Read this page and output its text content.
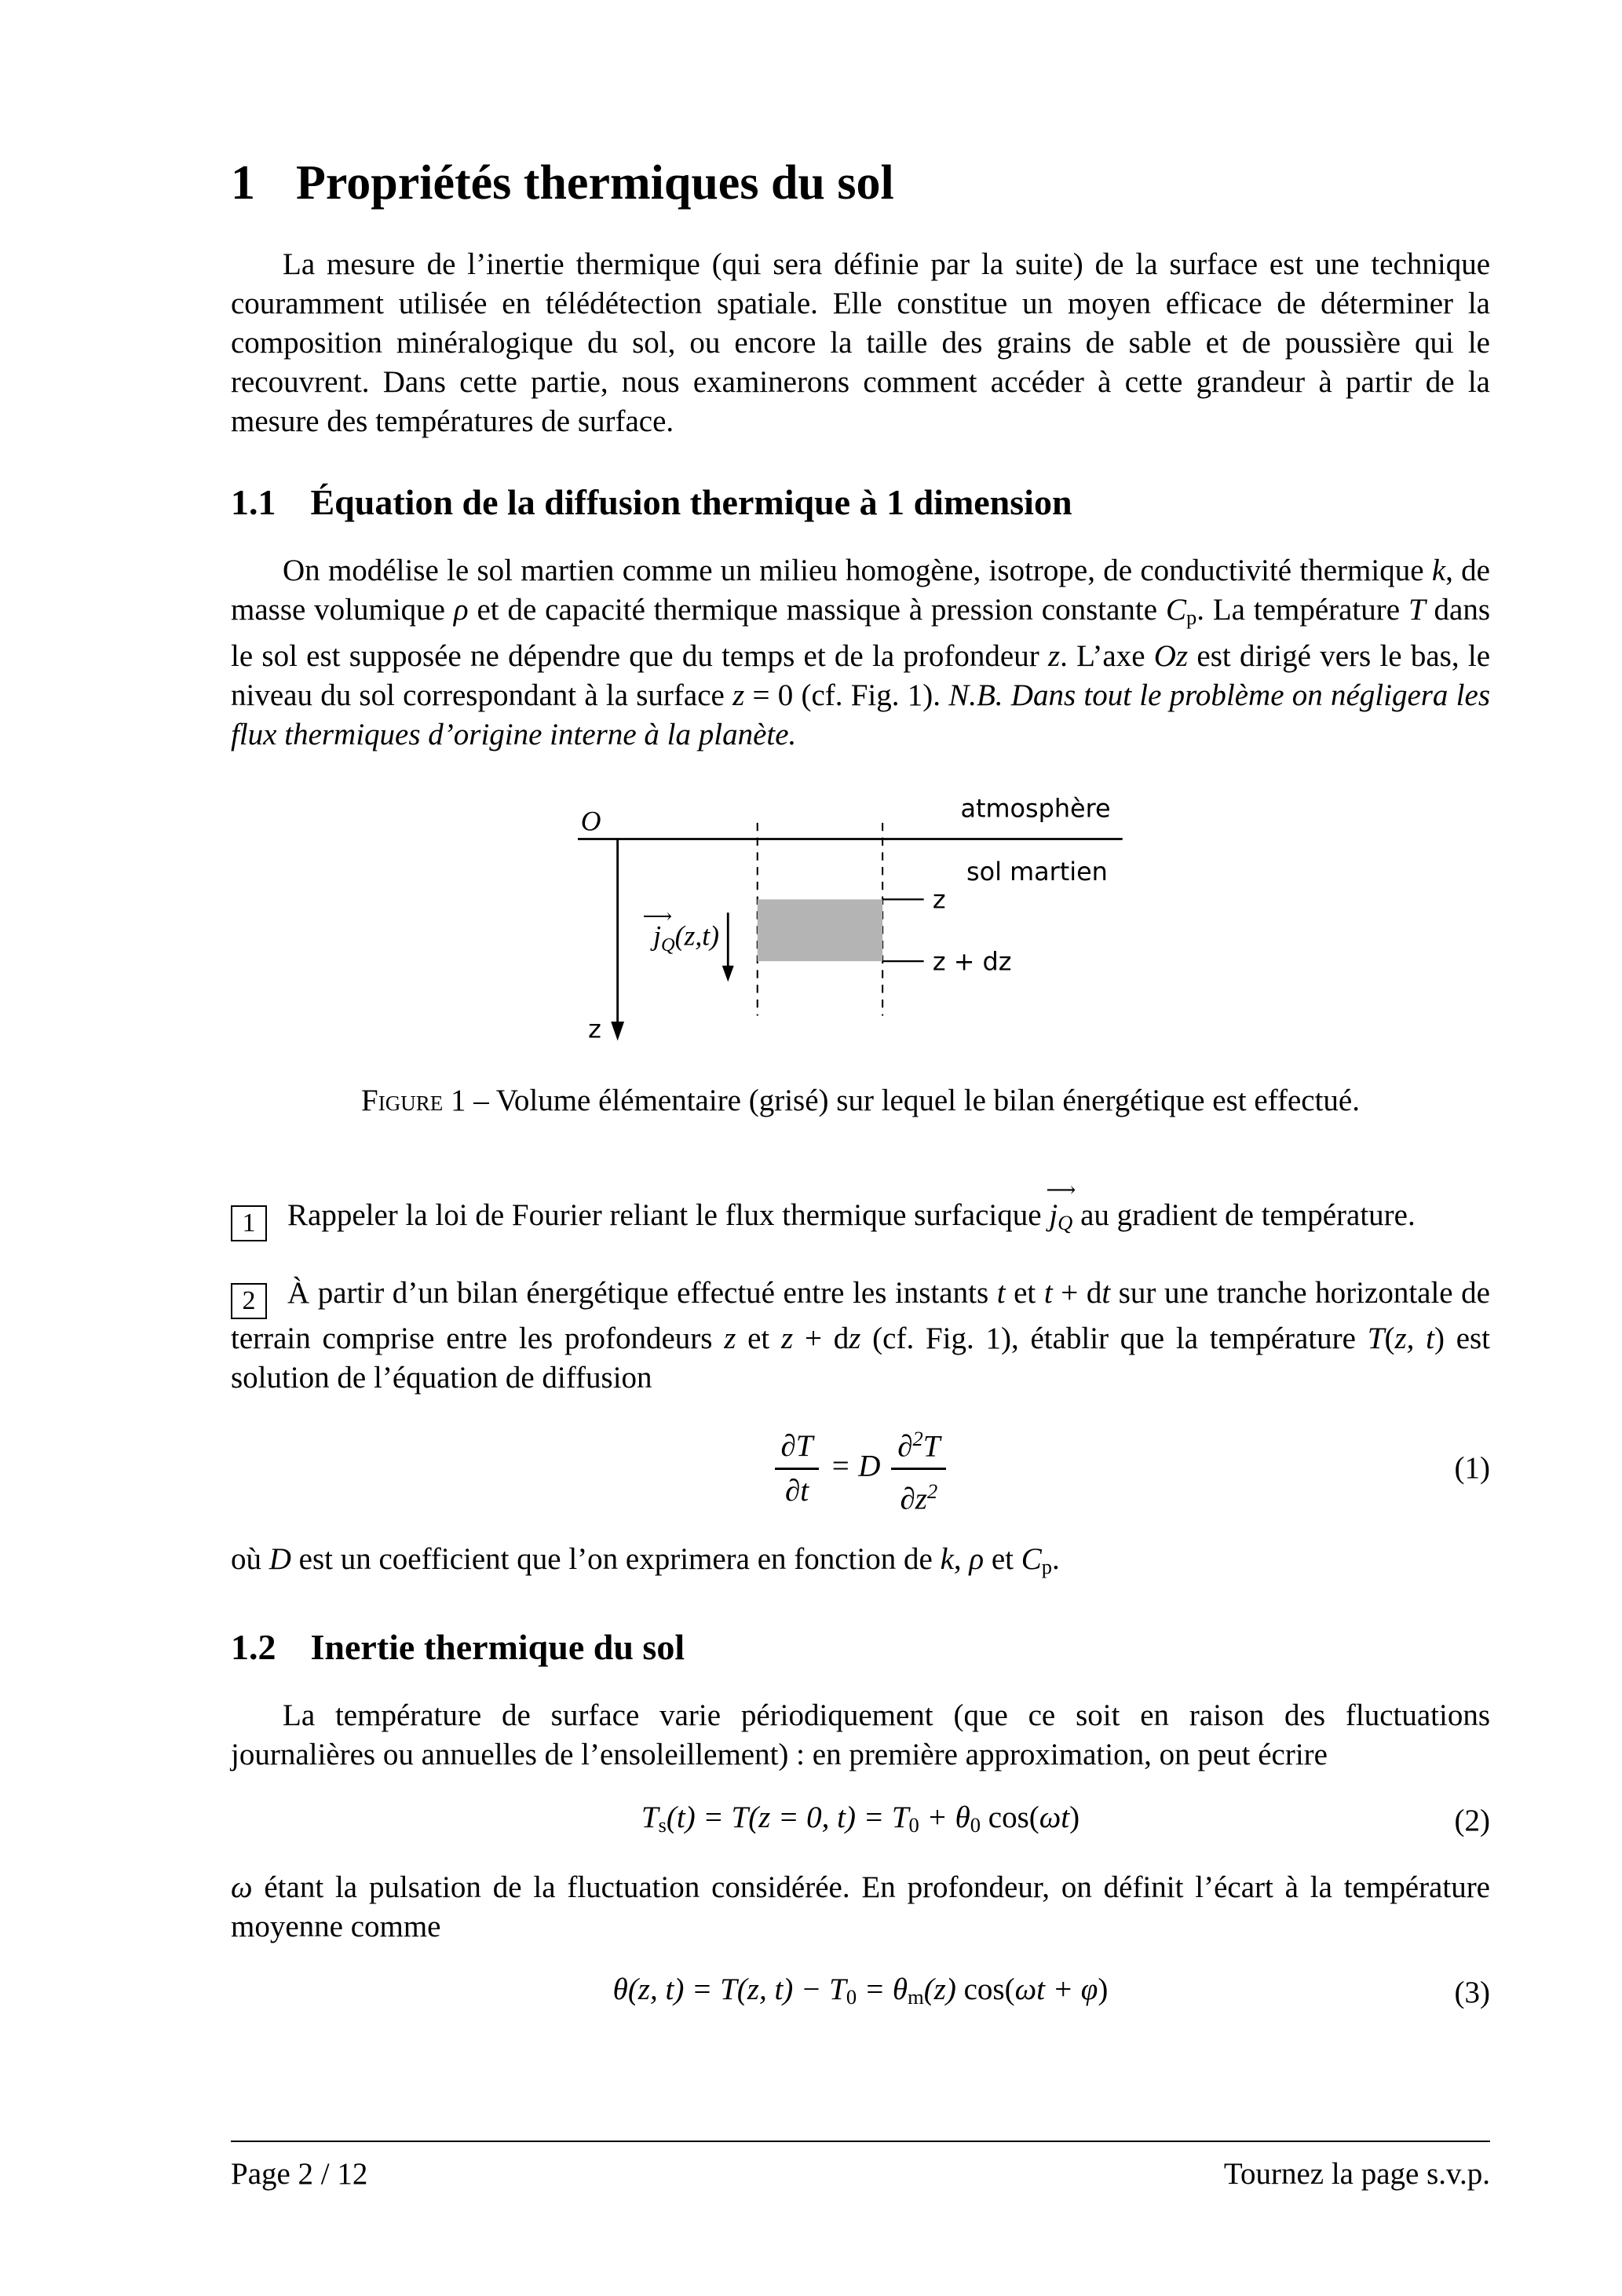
1 Propriétés thermiques du sol

La mesure de l’inertie thermique (qui sera définie par la suite) de la surface est une technique couramment utilisée en télédétection spatiale. Elle constitue un moyen efficace de déterminer la composition minéralogique du sol, ou encore la taille des grains de sable et de poussière qui le recouvrent. Dans cette partie, nous examinerons comment accéder à cette grandeur à partir de la mesure des températures de surface.

1.1 Équation de la diffusion thermique à 1 dimension

On modélise le sol martien comme un milieu homogène, isotrope, de conductivité thermique k, de masse volumique ρ et de capacité thermique massique à pression constante Cp. La température T dans le sol est supposée ne dépendre que du temps et de la profondeur z. L’axe Oz est dirigé vers le bas, le niveau du sol correspondant à la surface z = 0 (cf. Fig. 1). N.B. Dans tout le problème on négligera les flux thermiques d’origine interne à la planète.

O
z
z
z + dz
⟶
$j_Q(z,t)$
atmosphère
sol martien
Figure 1 – Volume élémentaire (grisé) sur lequel le bilan énergétique est effectué.

1 Rappeler la loi de Fourier reliant le flux thermique surfacique
⟶
jQ au gradient de température.

2 À partir d’un bilan énergétique effectué entre les instants t et t + dt sur une tranche horizontale de terrain comprise entre les profondeurs z et z + dz (cf. Fig. 1), établir que la température T(z, t) est solution de l’équation de diffusion

$\frac{\partial T}{\partial t} = D \frac{\partial^2T}{\partial z^2}$	(1)

où D est un coefficient que l’on exprimera en fonction de k, ρ et Cp.

1.2 Inertie thermique du sol

La température de surface varie périodiquement (que ce soit en raison des fluctuations journalières ou annuelles de l’ensoleillement) : en première approximation, on peut écrire

Ts(t) = T(z = 0, t) = T0 + θ0 cos(ωt)	(2)

ω étant la pulsation de la fluctuation considérée. En profondeur, on définit l’écart à la température moyenne comme

θ(z, t) = T(z, t) − T0 = θm(z) cos(ωt + φ)	(3)
Page 2 / 12	Tournez la page s.v.p.
